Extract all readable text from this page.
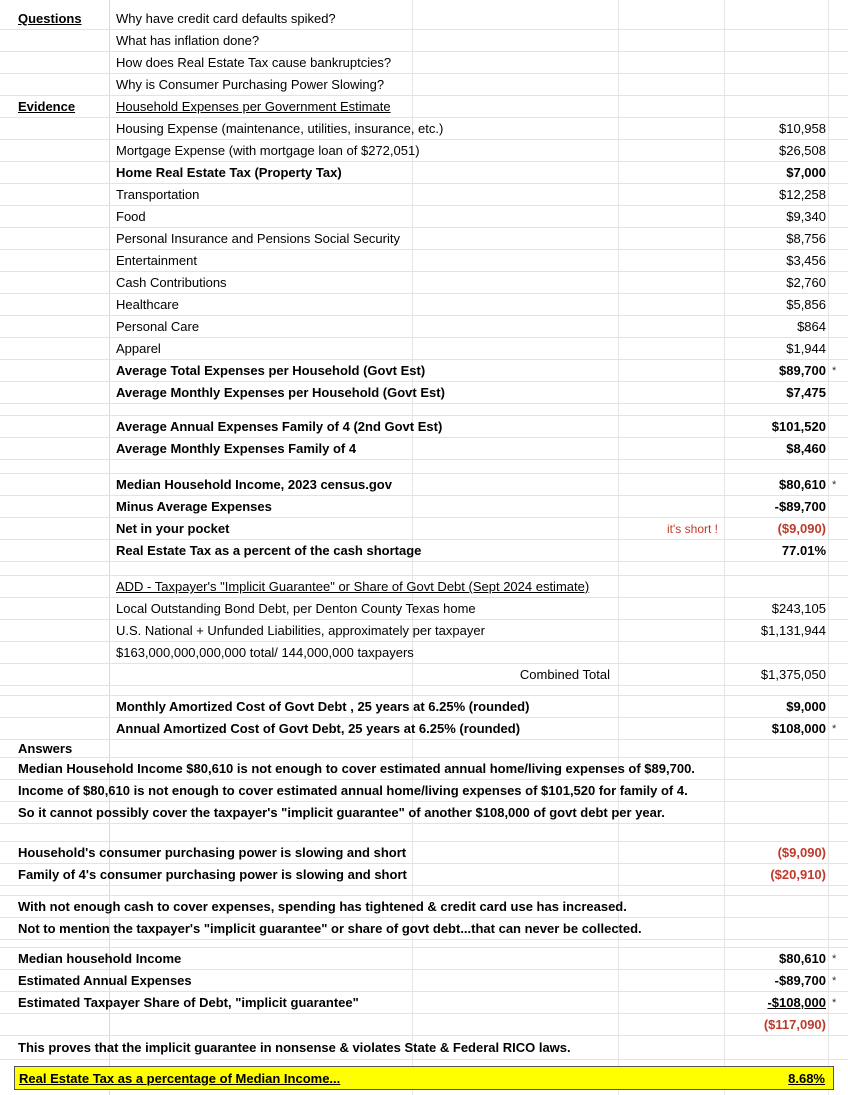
Questions	Why have credit card defaults spiked?
What has inflation done?
How does Real Estate Tax cause bankruptcies?
Why is Consumer Purchasing Power Slowing?
Evidence	Household Expenses per Government Estimate
Housing Expense (maintenance, utilities, insurance, etc.)	$10,958
Mortgage Expense (with mortgage loan of $272,051)	$26,508
Home Real Estate Tax (Property Tax)	$7,000
Transportation	$12,258
Food	$9,340
Personal Insurance and Pensions Social Security	$8,756
Entertainment	$3,456
Cash Contributions	$2,760
Healthcare	$5,856
Personal Care	$864
Apparel	$1,944
Average Total Expenses per Household (Govt Est)	$89,700 *
Average Monthly Expenses per Household (Govt Est)	$7,475
Average Annual Expenses Family of 4 (2nd Govt Est)	$101,520
Average Monthly Expenses Family of 4	$8,460
Median Household Income, 2023 census.gov	$80,610 *
Minus Average Expenses	-$89,700
Net in your pocket	it's short !	($9,090)
Real Estate Tax as a percent of the cash shortage	77.01%
ADD - Taxpayer's "Implicit Guarantee" or Share of Govt Debt (Sept 2024 estimate)
Local Outstanding Bond Debt, per Denton County Texas home	$243,105
U.S. National + Unfunded Liabilities, approximately per taxpayer	$1,131,944
$163,000,000,000,000 total/ 144,000,000 taxpayers
Combined Total	$1,375,050
Monthly Amortized Cost of Govt Debt , 25 years at 6.25% (rounded)	$9,000
Annual Amortized Cost of Govt Debt, 25 years at 6.25% (rounded)	$108,000 *
Answers
Median Household Income $80,610 is not enough to cover estimated annual home/living expenses of $89,700.
Income of $80,610 is not enough to cover estimated annual home/living expenses of $101,520 for family of 4.
So it cannot possibly cover the taxpayer's "implicit guarantee" of another $108,000 of govt debt per year.
Household's consumer purchasing power is slowing and short	($9,090)
Family of 4's consumer purchasing power is slowing and short	($20,910)
With not enough cash to cover expenses, spending has tightened & credit card use has increased.
Not to mention the taxpayer's "implicit guarantee" or share of govt debt...that can never be collected.
Median household Income	$80,610 *
Estimated Annual Expenses	-$89,700 *
Estimated Taxpayer Share of Debt, "implicit guarantee"	-$108,000 *
($117,090)
This proves that the implicit guarantee in nonsense & violates State & Federal RICO laws.
Real Estate Tax as a percentage of Median Income...	8.68%
